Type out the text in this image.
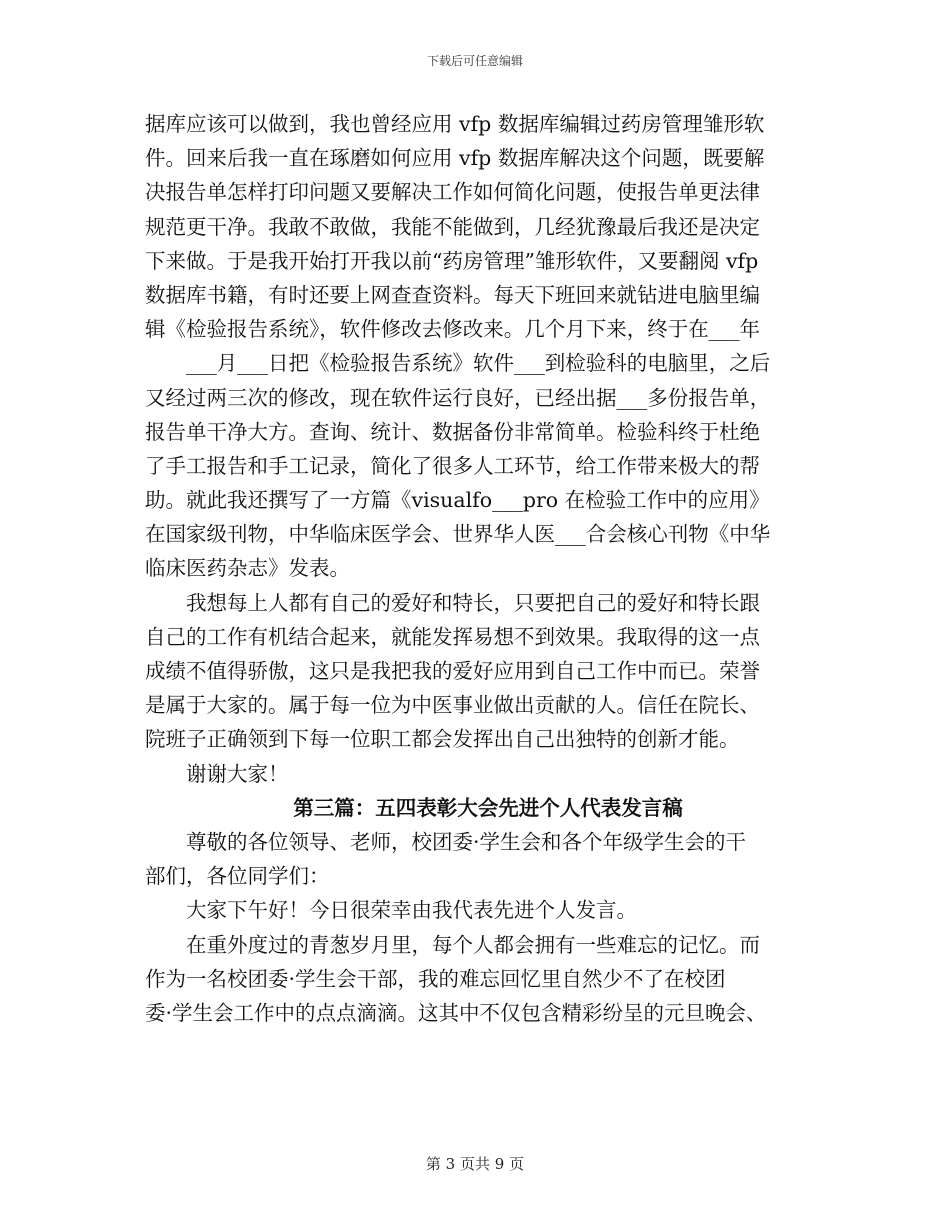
下载后可任意编辑
据库应该可以做到，我也曾经应用 vfp 数据库编辑过药房管理雏形软
件。回来后我一直在琢磨如何应用 vfp 数据库解决这个问题，既要解
决报告单怎样打印问题又要解决工作如何简化问题，使报告单更法律
规范更干净。我敢不敢做，我能不能做到，几经犹豫最后我还是决定
下来做。于是我开始打开我以前“药房管理”雏形软件，又要翻阅 vfp
数据库书籍，有时还要上网查查资料。每天下班回来就钻进电脑里编
辑《检验报告系统》，软件修改去修改来。几个月下来，终于在___年
___月___日把《检验报告系统》软件___到检验科的电脑里，之后
又经过两三次的修改，现在软件运行良好，已经出据___多份报告单，
报告单干净大方。查询、统计、数据备份非常简单。检验科终于杜绝
了手工报告和手工记录，简化了很多人工环节，给工作带来极大的帮
助。就此我还撰写了一方篇《visualfo___pro 在检验工作中的应用》
在国家级刊物，中华临床医学会、世界华人医___合会核心刊物《中华
临床医药杂志》发表。
我想每上人都有自己的爱好和特长，只要把自己的爱好和特长跟
自己的工作有机结合起来，就能发挥易想不到效果。我取得的这一点
成绩不值得骄傲，这只是我把我的爱好应用到自己工作中而已。荣誉
是属于大家的。属于每一位为中医事业做出贡献的人。信任在院长、
院班子正确领到下每一位职工都会发挥出自己出独特的创新才能。
谢谢大家！
第三篇：五四表彰大会先进个人代表发言稿
尊敬的各位领导、老师，校团委·学生会和各个年级学生会的干
部们，各位同学们：
大家下午好！今日很荣幸由我代表先进个人发言。
在重外度过的青葱岁月里，每个人都会拥有一些难忘的记忆。而
作为一名校团委·学生会干部，我的难忘回忆里自然少不了在校团
委·学生会工作中的点点滴滴。这其中不仅包含精彩纷呈的元旦晚会、
第 3 页共 9 页
